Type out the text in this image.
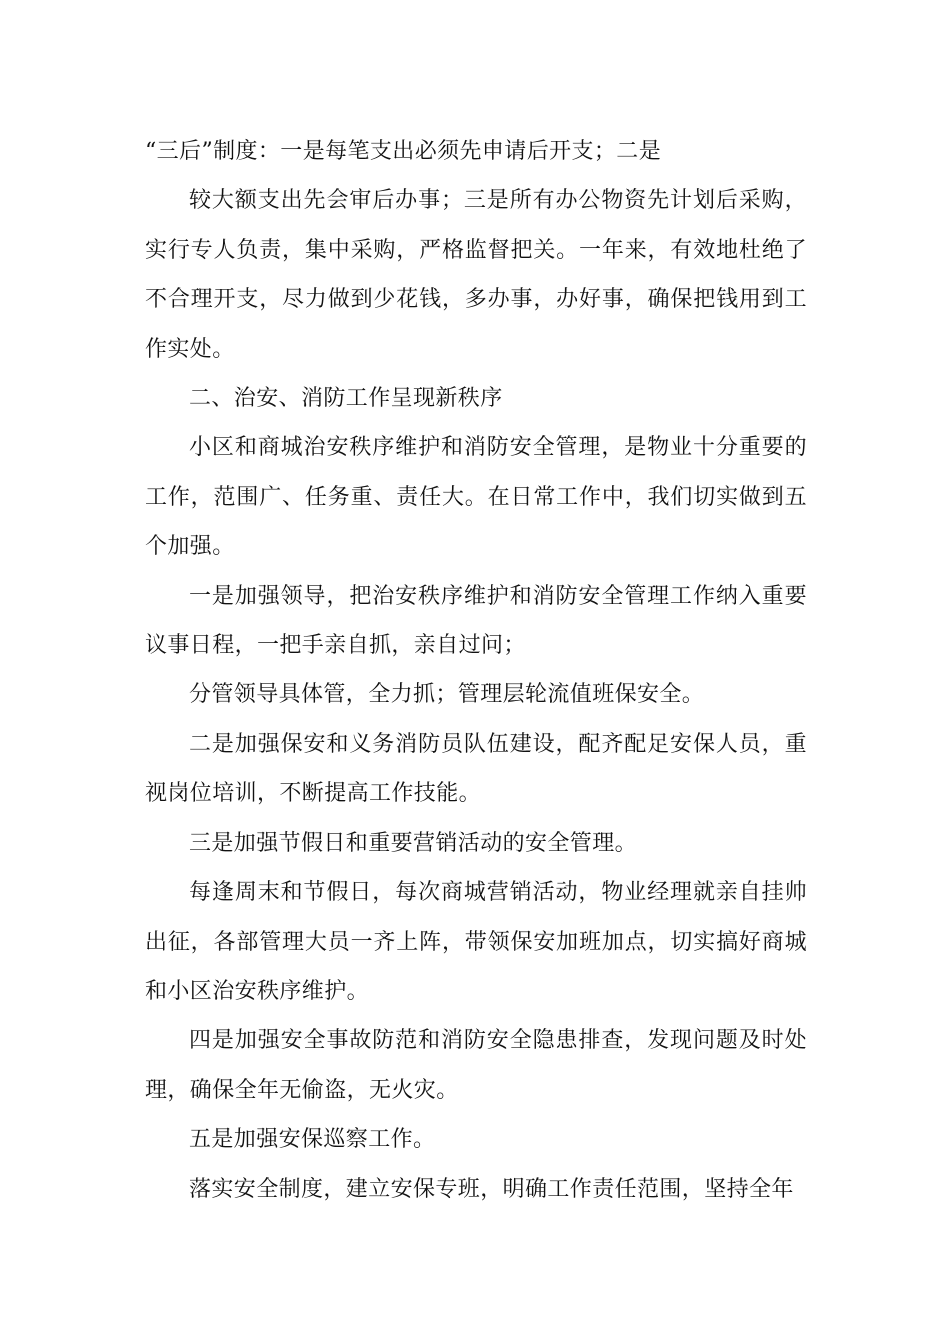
“三后”制度：一是每笔支出必须先申请后开支；二是

较大额支出先会审后办事；三是所有办公物资先计划后采购，实行专人负责，集中采购，严格监督把关。一年来，有效地杜绝了不合理开支，尽力做到少花钱，多办事，办好事，确保把钱用到工作实处。

二、治安、消防工作呈现新秩序

小区和商城治安秩序维护和消防安全管理，是物业十分重要的工作，范围广、任务重、责任大。在日常工作中，我们切实做到五个加强。

一是加强领导，把治安秩序维护和消防安全管理工作纳入重要议事日程，一把手亲自抓，亲自过问；

分管领导具体管，全力抓；管理层轮流值班保安全。

二是加强保安和义务消防员队伍建设，配齐配足安保人员，重视岗位培训，不断提高工作技能。

三是加强节假日和重要营销活动的安全管理。

每逢周末和节假日，每次商城营销活动，物业经理就亲自挂帅出征，各部管理大员一齐上阵，带领保安加班加点，切实搞好商城和小区治安秩序维护。

四是加强安全事故防范和消防安全隐患排查，发现问题及时处理，确保全年无偷盗，无火灾。

五是加强安保巡察工作。

落实安全制度，建立安保专班，明确工作责任范围，坚持全年
